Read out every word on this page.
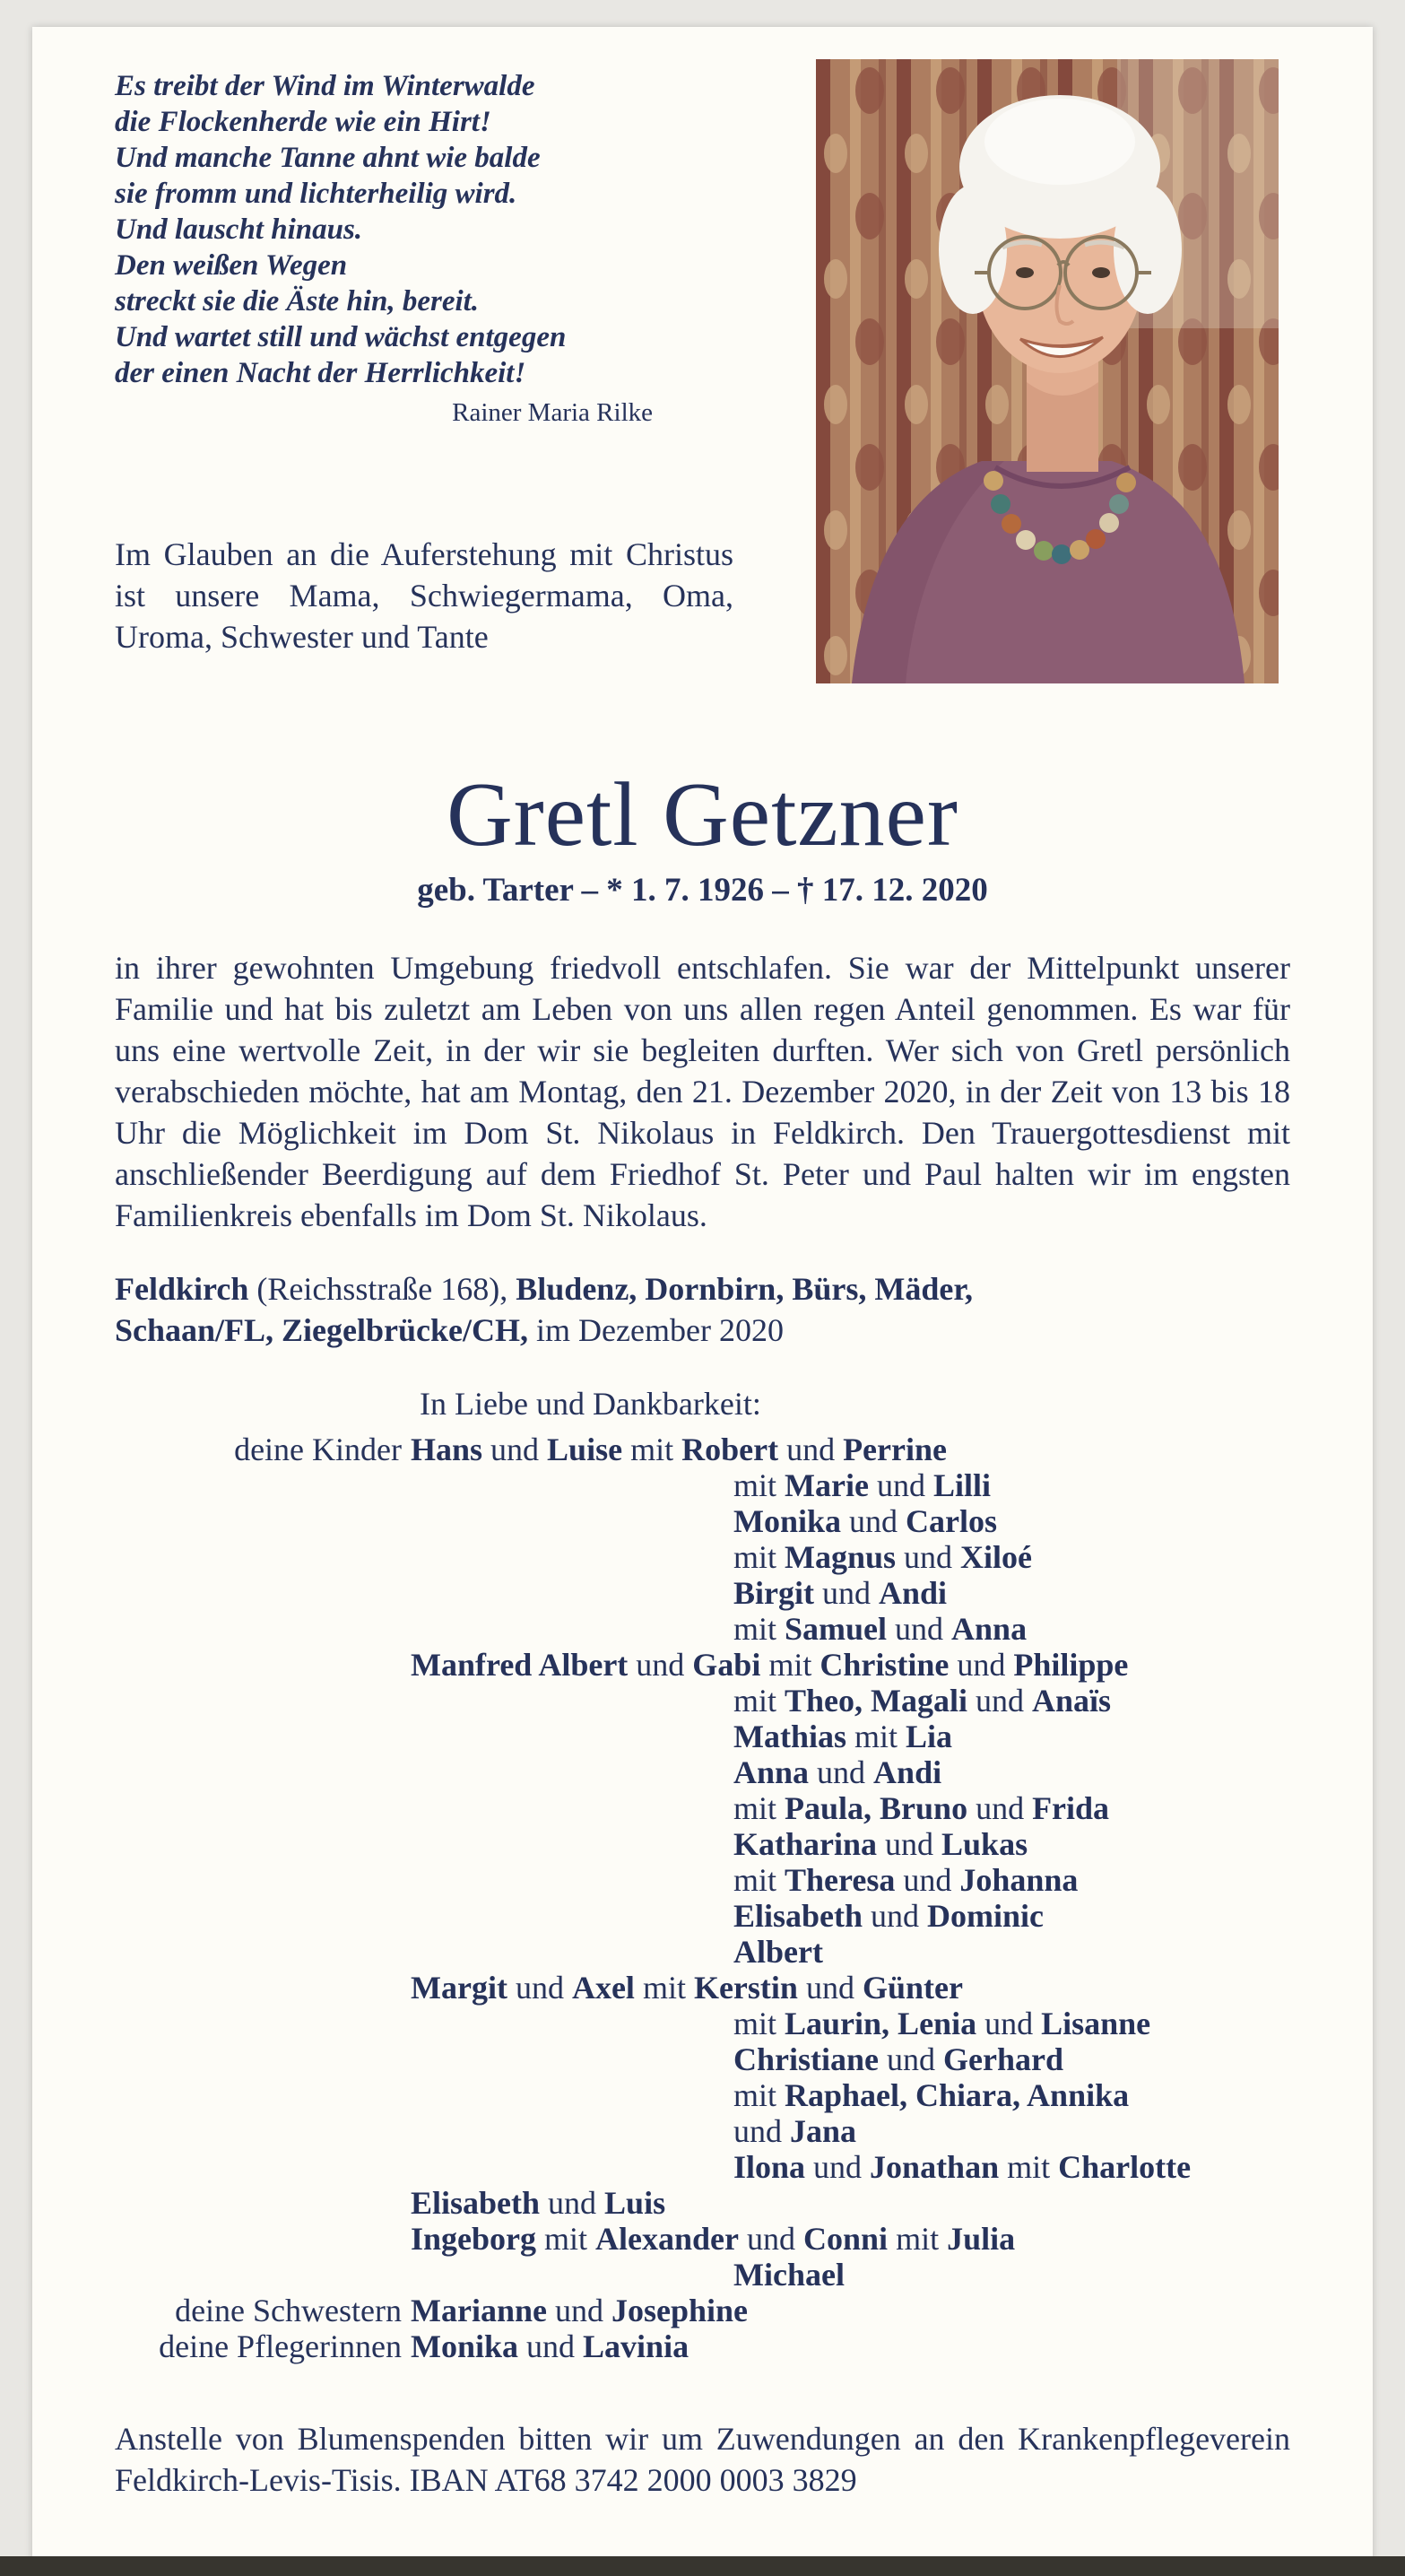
Es treibt der Wind im Winterwalde
die Flockenherde wie ein Hirt!
Und manche Tanne ahnt wie balde
sie fromm und lichterheilig wird.
Und lauscht hinaus.
Den weißen Wegen
streckt sie die Äste hin, bereit.
Und wartet still und wächst entgegen
der einen Nacht der Herrlichkeit!
Rainer Maria Rilke

Im Glauben an die Auferstehung mit Christus ist unsere Mama, Schwiegermama, Oma, Uroma, Schwester und Tante

Gretl Getzner
geb. Tarter – * 1. 7. 1926 – † 17. 12. 2020

in ihrer gewohnten Umgebung friedvoll entschlafen. Sie war der Mittelpunkt unserer Familie und hat bis zuletzt am Leben von uns allen regen Anteil genommen. Es war für uns eine wertvolle Zeit, in der wir sie begleiten durften. Wer sich von Gretl persönlich verabschieden möchte, hat am Montag, den 21. Dezember 2020, in der Zeit von 13 bis 18 Uhr die Möglichkeit im Dom St. Nikolaus in Feldkirch. Den Trauergottesdienst mit anschließender Beerdigung auf dem Friedhof St. Peter und Paul halten wir im engsten Familienkreis ebenfalls im Dom St. Nikolaus.

Feldkirch (Reichsstraße 168), Bludenz, Dornbirn, Bürs, Mäder,
Schaan/FL, Ziegelbrücke/CH, im Dezember 2020
In Liebe und Dankbarkeit:
deine Kinder Hans und Luise mit Robert und Perrine
mit Marie und Lilli
Monika und Carlos
mit Magnus und Xiloé
Birgit und Andi
mit Samuel und Anna
Manfred Albert und Gabi mit Christine und Philippe
mit Theo, Magali und Anaïs
Mathias mit Lia
Anna und Andi
mit Paula, Bruno und Frida
Katharina und Lukas
mit Theresa und Johanna
Elisabeth und Dominic
Albert
Margit und Axel mit Kerstin und Günter
mit Laurin, Lenia und Lisanne
Christiane und Gerhard
mit Raphael, Chiara, Annika
und Jana
Ilona und Jonathan mit Charlotte
Elisabeth und Luis
Ingeborg mit Alexander und Conni mit Julia
Michael
deine Schwestern Marianne und Josephine
deine Pflegerinnen Monika und Lavinia

Anstelle von Blumenspenden bitten wir um Zuwendungen an den Krankenpflegeverein Feldkirch-Levis-Tisis. IBAN AT68 3742 2000 0003 3829
